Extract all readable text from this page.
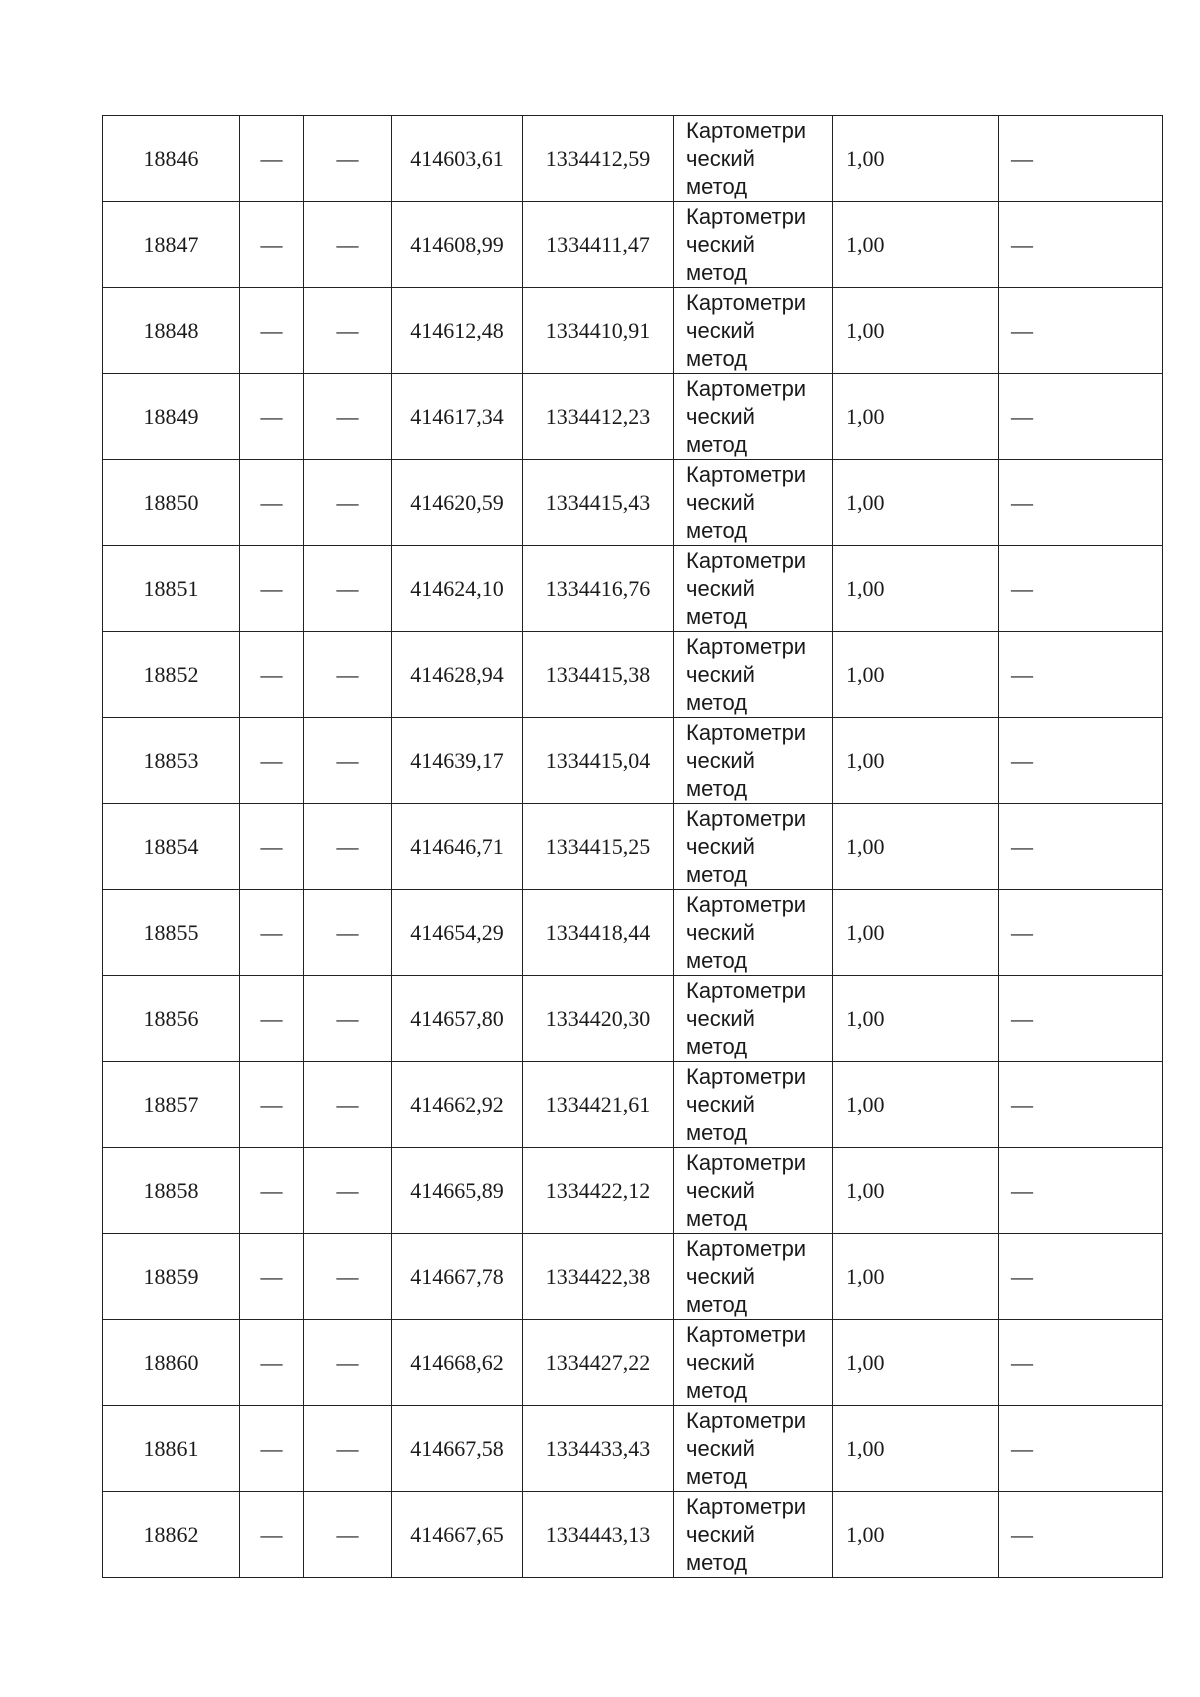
18846	—	—	414603,61	1334412,59	Картометри
ческий
метод	1,00	—
18847	—	—	414608,99	1334411,47	Картометри
ческий
метод	1,00	—
18848	—	—	414612,48	1334410,91	Картометри
ческий
метод	1,00	—
18849	—	—	414617,34	1334412,23	Картометри
ческий
метод	1,00	—
18850	—	—	414620,59	1334415,43	Картометри
ческий
метод	1,00	—
18851	—	—	414624,10	1334416,76	Картометри
ческий
метод	1,00	—
18852	—	—	414628,94	1334415,38	Картометри
ческий
метод	1,00	—
18853	—	—	414639,17	1334415,04	Картометри
ческий
метод	1,00	—
18854	—	—	414646,71	1334415,25	Картометри
ческий
метод	1,00	—
18855	—	—	414654,29	1334418,44	Картометри
ческий
метод	1,00	—
18856	—	—	414657,80	1334420,30	Картометри
ческий
метод	1,00	—
18857	—	—	414662,92	1334421,61	Картометри
ческий
метод	1,00	—
18858	—	—	414665,89	1334422,12	Картометри
ческий
метод	1,00	—
18859	—	—	414667,78	1334422,38	Картометри
ческий
метод	1,00	—
18860	—	—	414668,62	1334427,22	Картометри
ческий
метод	1,00	—
18861	—	—	414667,58	1334433,43	Картометри
ческий
метод	1,00	—
18862	—	—	414667,65	1334443,13	Картометри
ческий
метод	1,00	—
